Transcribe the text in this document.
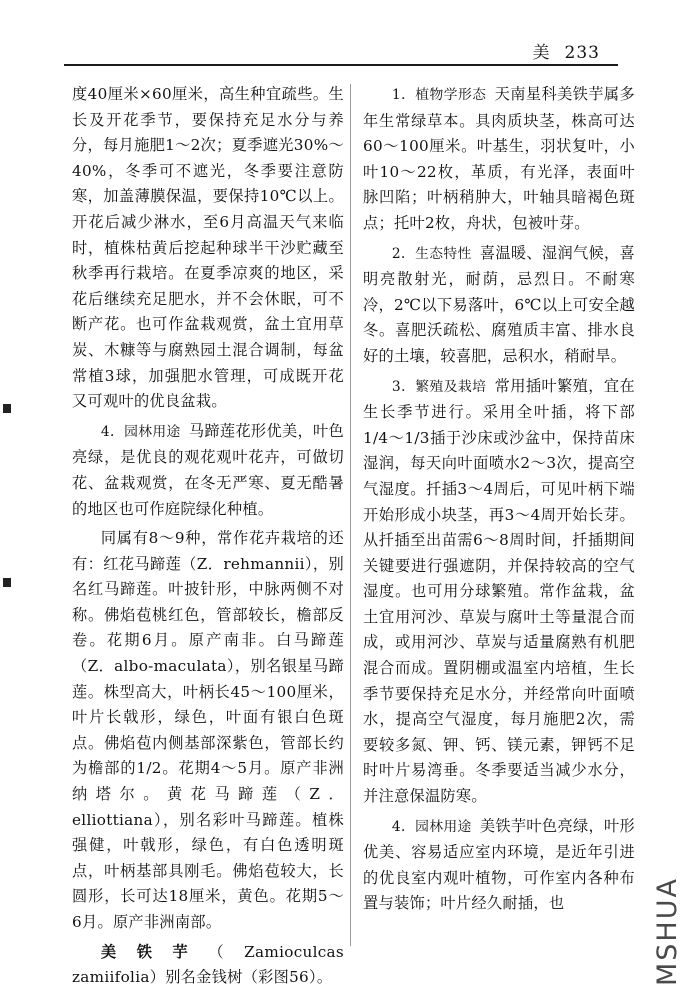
美 233

度40厘米×60厘米，高生种宜疏些。生长及开花季节，要保持充足水分与养分，每月施肥1～2次；夏季遮光30%～40%，冬季可不遮光，冬季要注意防寒，加盖薄膜保温，要保持10℃以上。开花后减少淋水，至6月高温天气来临时，植株枯黄后挖起种球半干沙贮藏至秋季再行栽培。在夏季凉爽的地区，采花后继续充足肥水，并不会休眠，可不断产花。也可作盆栽观赏，盆土宜用草炭、木糠等与腐熟园土混合调制，每盆常植3球，加强肥水管理，可成既开花又可观叶的优良盆栽。

4．园林用途 马蹄莲花形优美，叶色亮绿，是优良的观花观叶花卉，可做切花、盆栽观赏，在冬无严寒、夏无酷暑的地区也可作庭院绿化种植。

同属有8～9种，常作花卉栽培的还有：红花马蹄莲（Z．rehmannii），别名红马蹄莲。叶披针形，中脉两侧不对称。佛焰苞桃红色，管部较长，檐部反卷。花期6月。原产南非。白马蹄莲（Z．albo-maculata），别名银星马蹄莲。株型高大，叶柄长45～100厘米，叶片长戟形，绿色，叶面有银白色斑点。佛焰苞内侧基部深紫色，管部长约为檐部的1/2。花期4～5月。原产非洲纳塔尔。黄花马蹄莲（Z．elliottiana），别名彩叶马蹄莲。植株强健，叶戟形，绿色，有白色透明斑点，叶柄基部具刚毛。佛焰苞较大，长圆形，长可达18厘米，黄色。花期5～6月。原产非洲南部。

美铁芋（Zamioculcas zamiifolia）别名金钱树（彩图56）。

1．植物学形态 天南星科美铁芋属多年生常绿草本。具肉质块茎，株高可达60～100厘米。叶基生，羽状复叶，小叶10～22枚，革质，有光泽，表面叶脉凹陷；叶柄稍肿大，叶轴具暗褐色斑点；托叶2枚，舟状，包被叶芽。

2．生态特性 喜温暖、湿润气候，喜明亮散射光，耐荫，忌烈日。不耐寒冷，2℃以下易落叶，6℃以上可安全越冬。喜肥沃疏松、腐殖质丰富、排水良好的土壤，较喜肥，忌积水，稍耐旱。

3．繁殖及栽培 常用插叶繁殖，宜在生长季节进行。采用全叶插，将下部1/4～1/3插于沙床或沙盆中，保持苗床湿润，每天向叶面喷水2～3次，提高空气湿度。扦插3～4周后，可见叶柄下端开始形成小块茎，再3～4周开始长芽。从扦插至出苗需6～8周时间，扦插期间关键要进行强遮阴，并保持较高的空气湿度。也可用分球繁殖。常作盆栽，盆土宜用河沙、草炭与腐叶土等量混合而成，或用河沙、草炭与适量腐熟有机肥混合而成。置阴棚或温室内培植，生长季节要保持充足水分，并经常向叶面喷水，提高空气湿度，每月施肥2次，需要较多氮、钾、钙、镁元素，钾钙不足时叶片易湾垂。冬季要适当减少水分，并注意保温防寒。

4．园林用途 美铁芋叶色亮绿，叶形优美、容易适应室内环境，是近年引进的优良室内观叶植物，可作室内各种布置与装饰；叶片经久耐插，也	MSHUA
